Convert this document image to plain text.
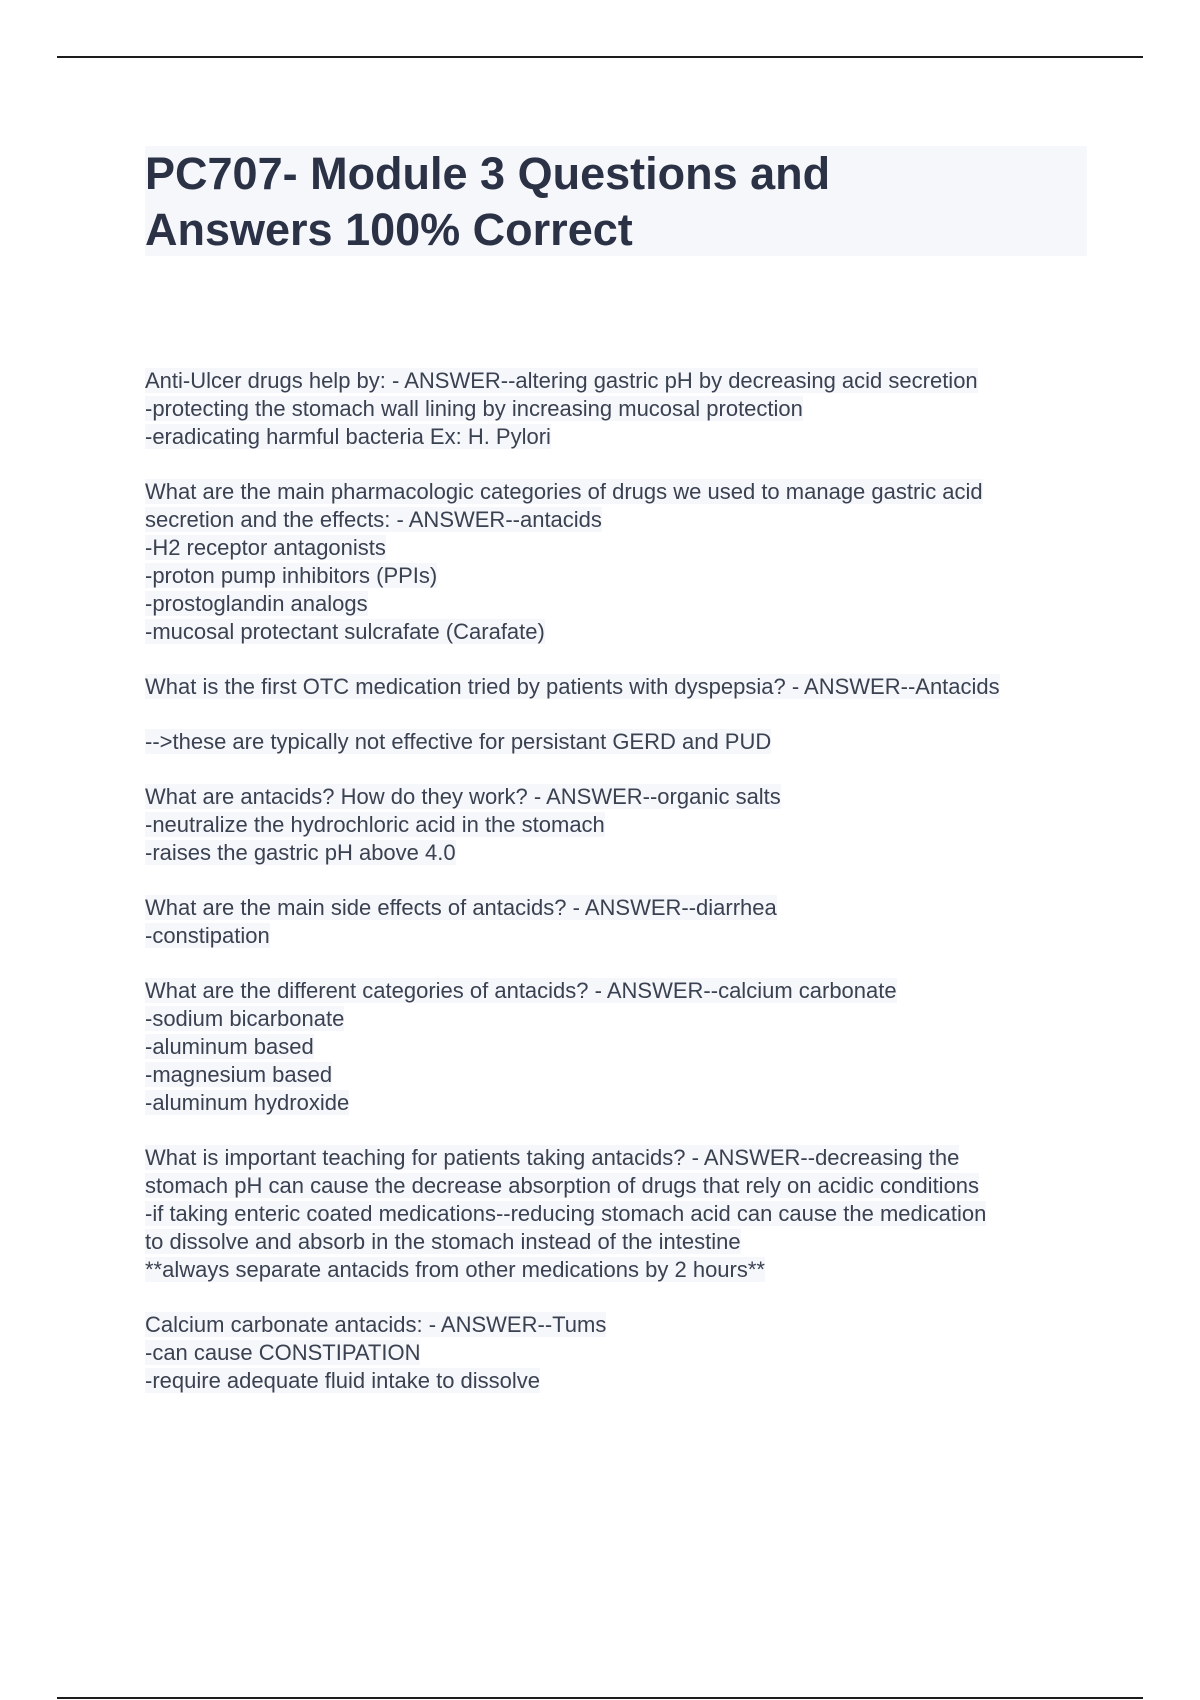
PC707- Module 3 Questions and
Answers 100% Correct
Anti-Ulcer drugs help by: - ANSWER--altering gastric pH by decreasing acid secretion
-protecting the stomach wall lining by increasing mucosal protection
-eradicating harmful bacteria Ex: H. Pylori
What are the main pharmacologic categories of drugs we used to manage gastric acid
secretion and the effects: - ANSWER--antacids
-H2 receptor antagonists
-proton pump inhibitors (PPIs)
-prostoglandin analogs
-mucosal protectant sulcrafate (Carafate)
What is the first OTC medication tried by patients with dyspepsia? - ANSWER--Antacids
-->these are typically not effective for persistant GERD and PUD
What are antacids? How do they work? - ANSWER--organic salts
-neutralize the hydrochloric acid in the stomach
-raises the gastric pH above 4.0
What are the main side effects of antacids? - ANSWER--diarrhea
-constipation
What are the different categories of antacids? - ANSWER--calcium carbonate
-sodium bicarbonate
-aluminum based
-magnesium based
-aluminum hydroxide
What is important teaching for patients taking antacids? - ANSWER--decreasing the
stomach pH can cause the decrease absorption of drugs that rely on acidic conditions
-if taking enteric coated medications--reducing stomach acid can cause the medication
to dissolve and absorb in the stomach instead of the intestine
**always separate antacids from other medications by 2 hours**
Calcium carbonate antacids: - ANSWER--Tums
-can cause CONSTIPATION
-require adequate fluid intake to dissolve
